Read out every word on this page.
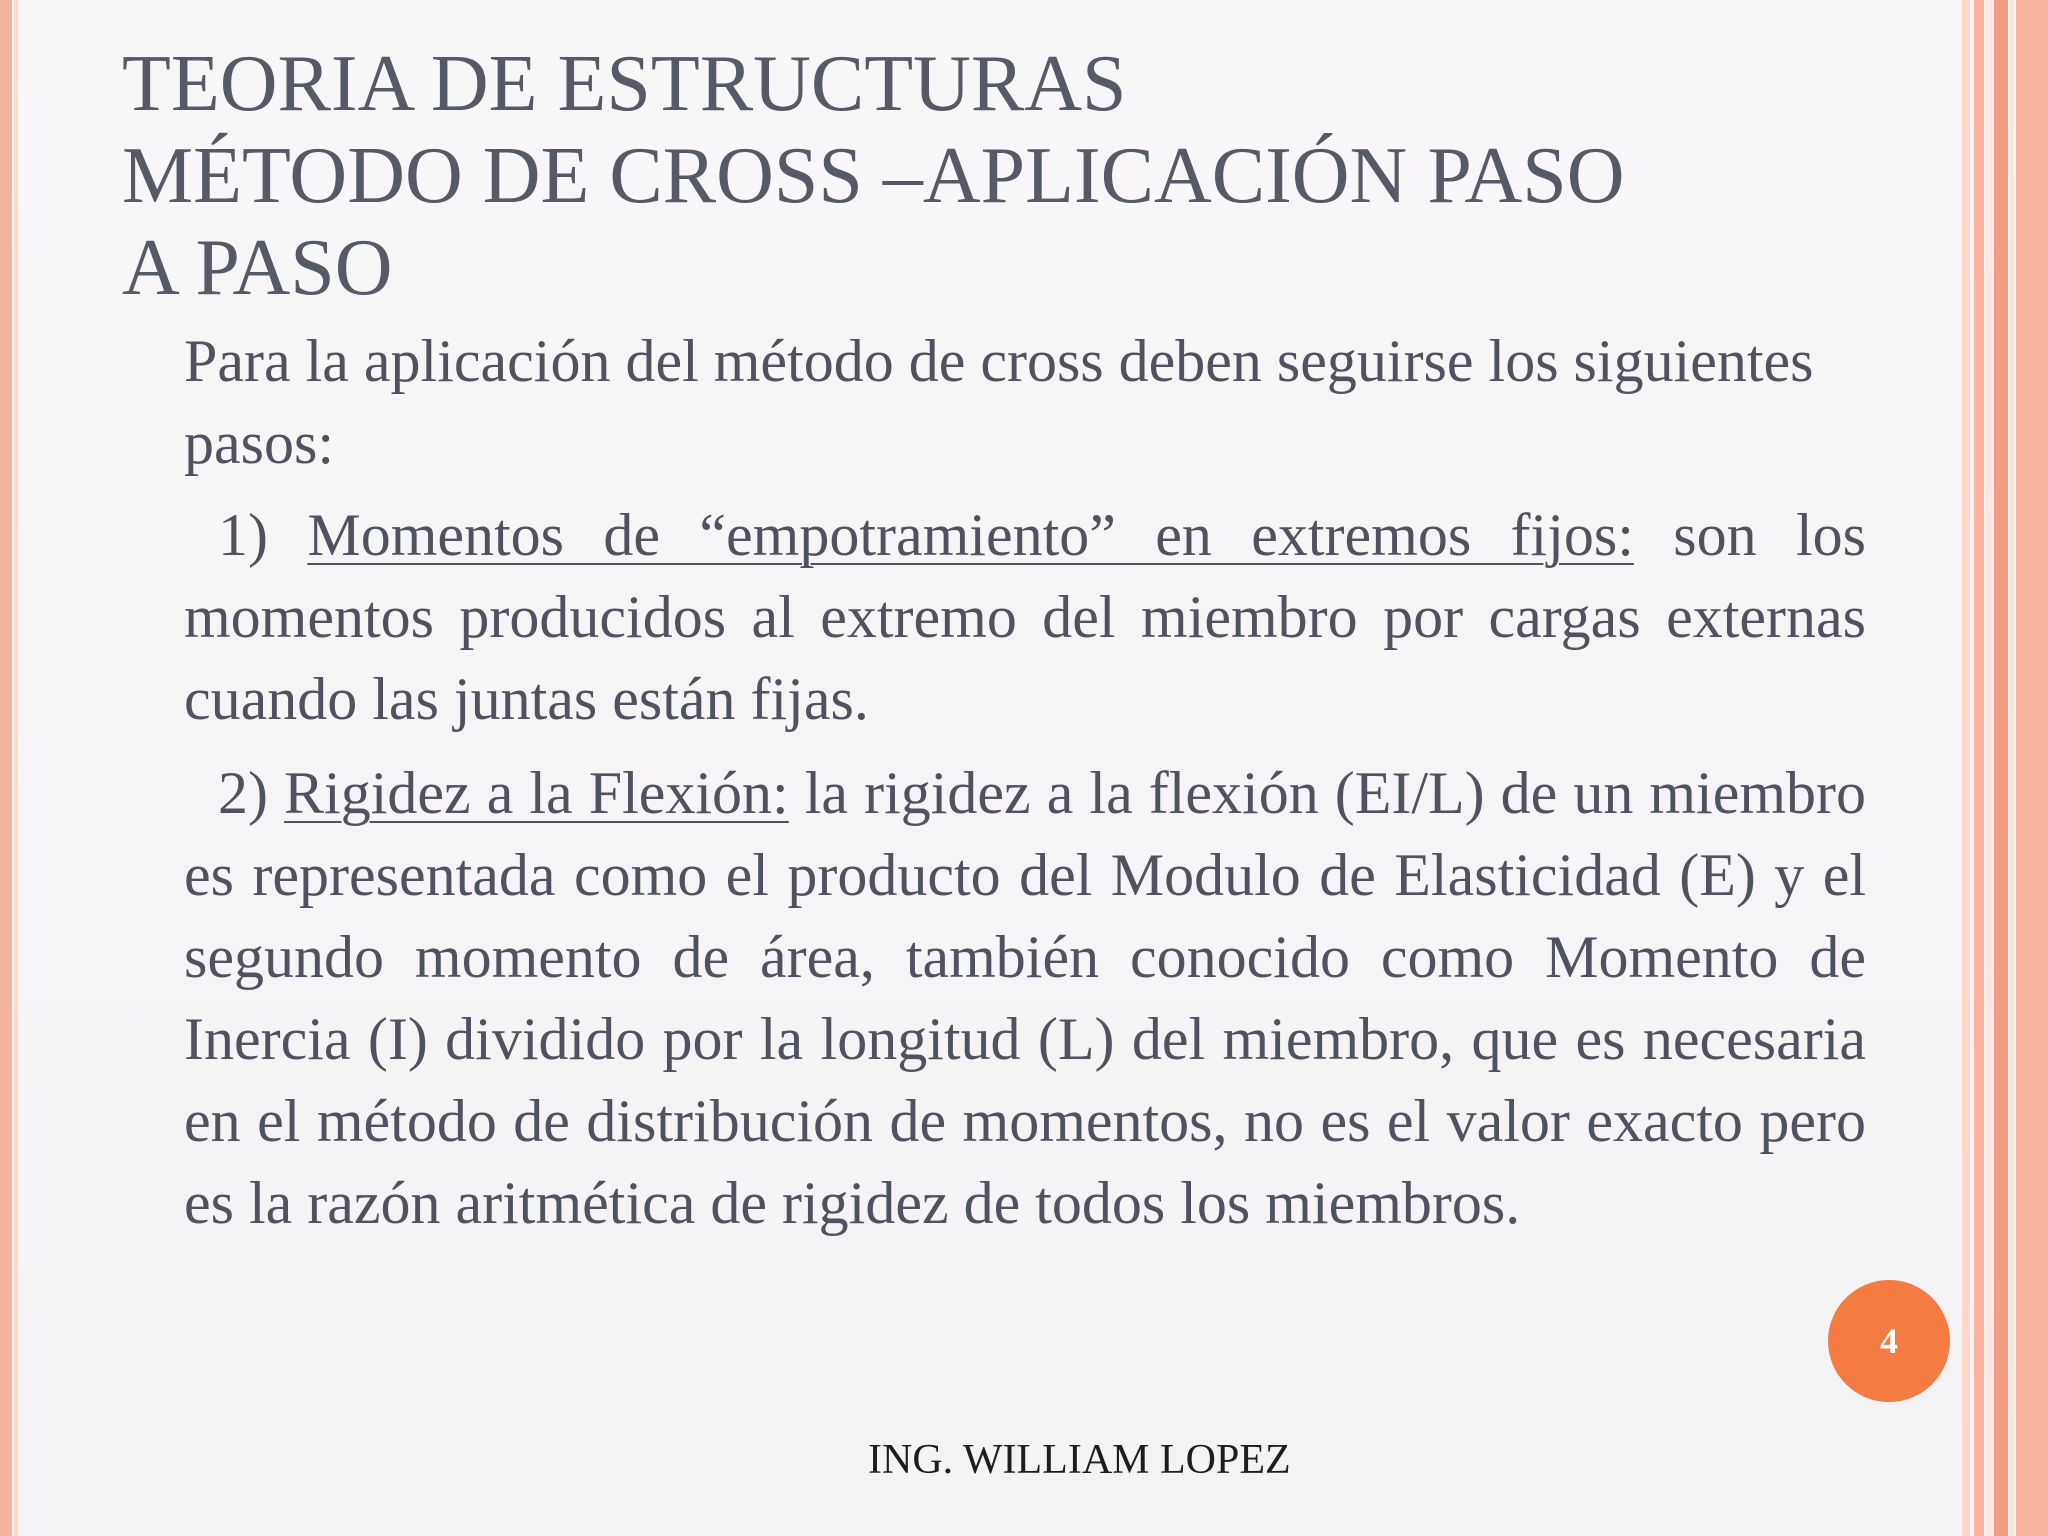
TEORIA DE ESTRUCTURAS
MÉTODO DE CROSS –APLICACIÓN PASO
A PASO

Para la aplicación del método de cross deben seguirse los siguientes pasos:

1) Momentos de “empotramiento” en extremos fijos: son los momentos producidos al extremo del miembro por cargas externas cuando las juntas están fijas.

2) Rigidez a la Flexión: la rigidez a la flexión (EI/L) de un miembro es representada como el producto del Modulo de Elasticidad (E) y el segundo momento de área, también conocido como Momento de Inercia (I) dividido por la longitud (L) del miembro, que es necesaria en el método de distribución de momentos, no es el valor exacto pero es la razón aritmética de rigidez de todos los miembros.

4
ING. WILLIAM LOPEZ
